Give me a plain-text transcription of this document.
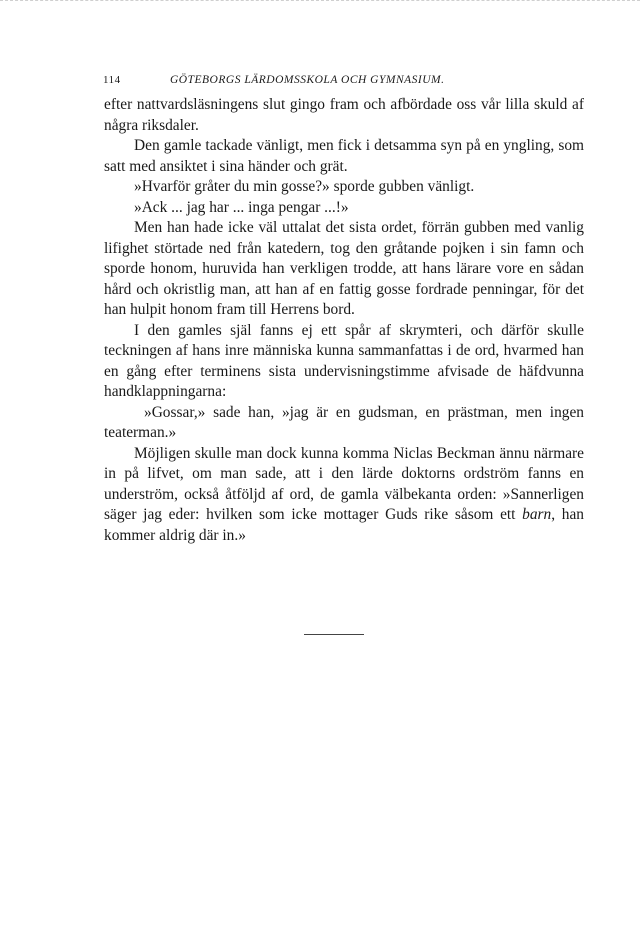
114	GÖTEBORGS LÄRDOMSSKOLA OCH GYMNASIUM.

efter nattvardsläsningens slut gingo fram och afbördade oss vår lilla skuld af några riksdaler.

Den gamle tackade vänligt, men fick i detsamma syn på en yngling, som satt med ansiktet i sina händer och grät.

»Hvarför gråter du min gosse?» sporde gubben vänligt.

»Ack ... jag har ... inga pengar ...!»

Men han hade icke väl uttalat det sista ordet, förrän gubben med vanlig lifighet störtade ned från katedern, tog den gråtande pojken i sin famn och sporde honom, huruvida han verkligen trodde, att hans lärare vore en sådan hård och okristlig man, att han af en fattig gosse fordrade penningar, för det han hulpit honom fram till Herrens bord.

I den gamles själ fanns ej ett spår af skrymteri, och därför skulle teckningen af hans inre människa kunna sammanfattas i de ord, hvarmed han en gång efter terminens sista undervisningstimme afvisade de häfdvunna handklappningarna:

»Gossar,» sade han, »jag är en gudsman, en prästman, men ingen teaterman.»

Möjligen skulle man dock kunna komma Niclas Beckman ännu närmare in på lifvet, om man sade, att i den lärde doktorns ordström fanns en underström, också åtföljd af ord, de gamla välbekanta orden: »Sannerligen säger jag eder: hvilken som icke mottager Guds rike såsom ett barn, han kommer aldrig där in.»
